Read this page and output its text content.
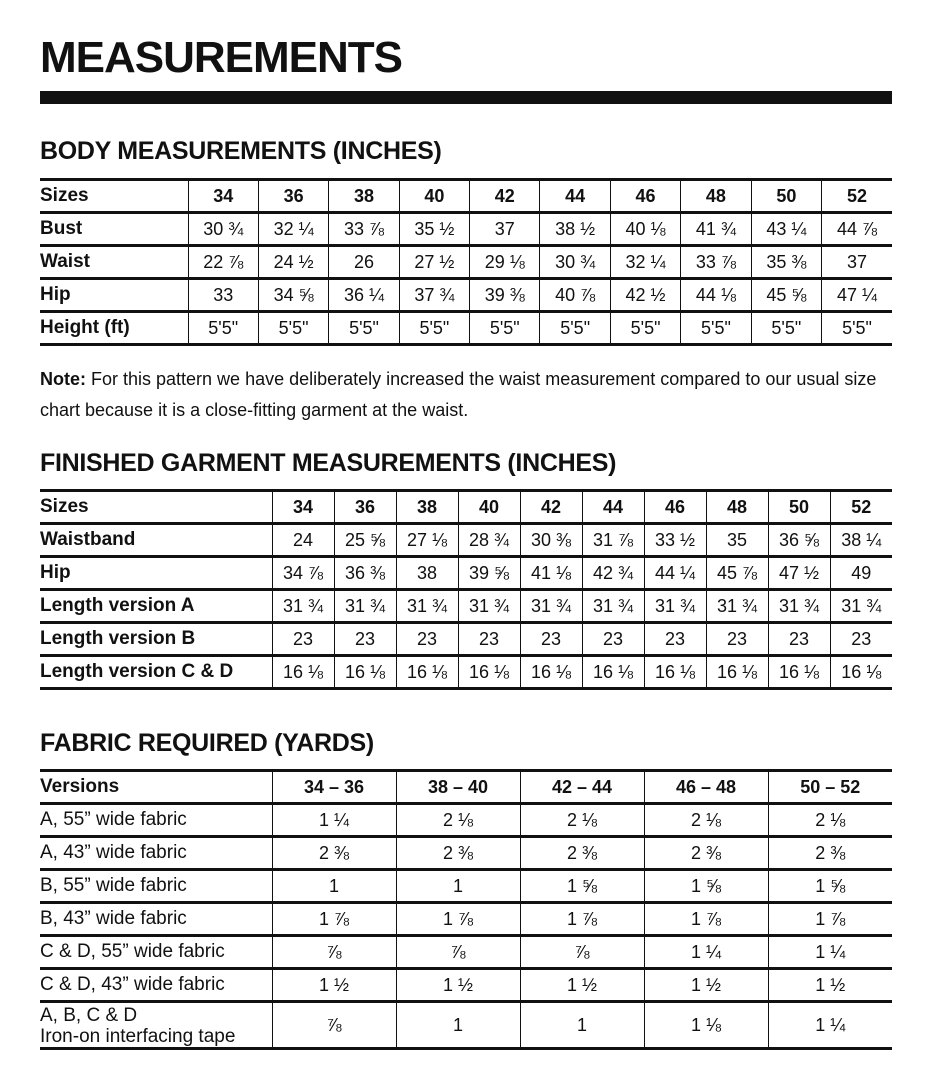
MEASUREMENTS
BODY MEASUREMENTS (INCHES)
Sizes	34	36	38	40	42	44	46	48	50	52
Bust	30 ¾	32 ¼	33 ⅞	35 ½	37	38 ½	40 ⅛	41 ¾	43 ¼	44 ⅞
Waist	22 ⅞	24 ½	26	27 ½	29 ⅛	30 ¾	32 ¼	33 ⅞	35 ⅜	37
Hip	33	34 ⅝	36 ¼	37 ¾	39 ⅜	40 ⅞	42 ½	44 ⅛	45 ⅝	47 ¼
Height (ft)	5'5"	5'5"	5'5"	5'5"	5'5"	5'5"	5'5"	5'5"	5'5"	5'5"

Note: For this pattern we have deliberately increased the waist measurement compared to our usual size chart because it is a close-fitting garment at the waist.

FINISHED GARMENT MEASUREMENTS (INCHES)
Sizes	34	36	38	40	42	44	46	48	50	52
Waistband	24	25 ⅝	27 ⅛	28 ¾	30 ⅜	31 ⅞	33 ½	35	36 ⅝	38 ¼
Hip	34 ⅞	36 ⅜	38	39 ⅝	41 ⅛	42 ¾	44 ¼	45 ⅞	47 ½	49
Length version A	31 ¾	31 ¾	31 ¾	31 ¾	31 ¾	31 ¾	31 ¾	31 ¾	31 ¾	31 ¾
Length version B	23	23	23	23	23	23	23	23	23	23
Length version C & D	16 ⅛	16 ⅛	16 ⅛	16 ⅛	16 ⅛	16 ⅛	16 ⅛	16 ⅛	16 ⅛	16 ⅛
FABRIC REQUIRED (YARDS)
Versions	34 – 36	38 – 40	42 – 44	46 – 48	50 – 52
A, 55” wide fabric	1 ¼	2 ⅛	2 ⅛	2 ⅛	2 ⅛
A, 43” wide fabric	2 ⅜	2 ⅜	2 ⅜	2 ⅜	2 ⅜
B, 55” wide fabric	1	1	1 ⅝	1 ⅝	1 ⅝
B, 43” wide fabric	1 ⅞	1 ⅞	1 ⅞	1 ⅞	1 ⅞
C & D, 55” wide fabric	⅞	⅞	⅞	1 ¼	1 ¼
C & D, 43” wide fabric	1 ½	1 ½	1 ½	1 ½	1 ½

A, B, C & D
Iron-on interfacing tape	⅞	1	1	1 ⅛	1 ¼
